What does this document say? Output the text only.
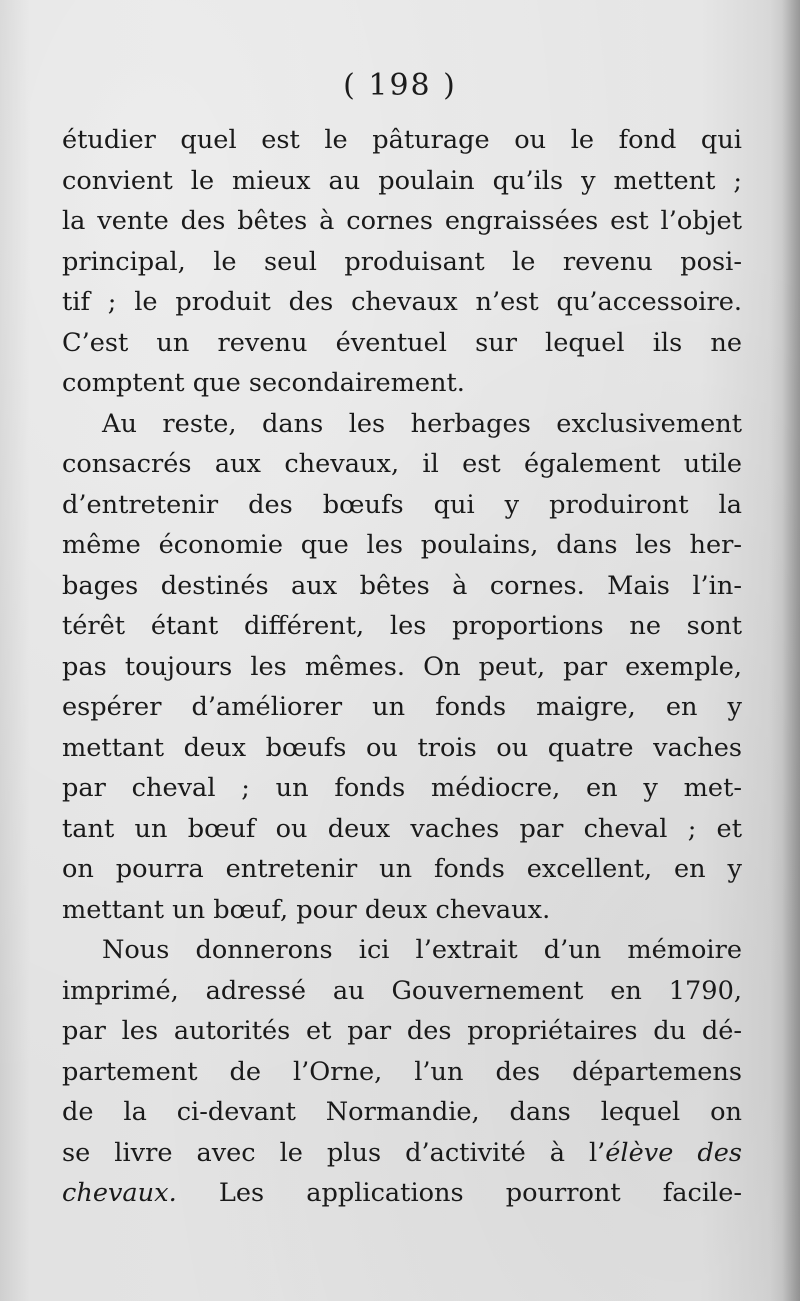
( 198 )
étudier quel est le pâturage ou le fond qui
convient le mieux au poulain qu’ils y mettent ;
la vente des bêtes à cornes engraissées est l’objet
principal, le seul produisant le revenu posi-
tif ; le produit des chevaux n’est qu’accessoire.
C’est un revenu éventuel sur lequel ils ne
comptent que secondairement.
Au reste, dans les herbages exclusivement
consacrés aux chevaux, il est également utile
d’entretenir des bœufs qui y produiront la
même économie que les poulains, dans les her-
bages destinés aux bêtes à cornes. Mais l’in-
térêt étant différent, les proportions ne sont
pas toujours les mêmes. On peut, par exemple,
espérer d’améliorer un fonds maigre, en y
mettant deux bœufs ou trois ou quatre vaches
par cheval ; un fonds médiocre, en y met-
tant un bœuf ou deux vaches par cheval ; et
on pourra entretenir un fonds excellent, en y
mettant un bœuf, pour deux chevaux.
Nous donnerons ici l’extrait d’un mémoire
imprimé, adressé au Gouvernement en 1790,
par les autorités et par des propriétaires du dé-
partement de l’Orne, l’un des départemens
de la ci-devant Normandie, dans lequel on
se livre avec le plus d’activité à l’élève des
chevaux. Les applications pourront facile-
